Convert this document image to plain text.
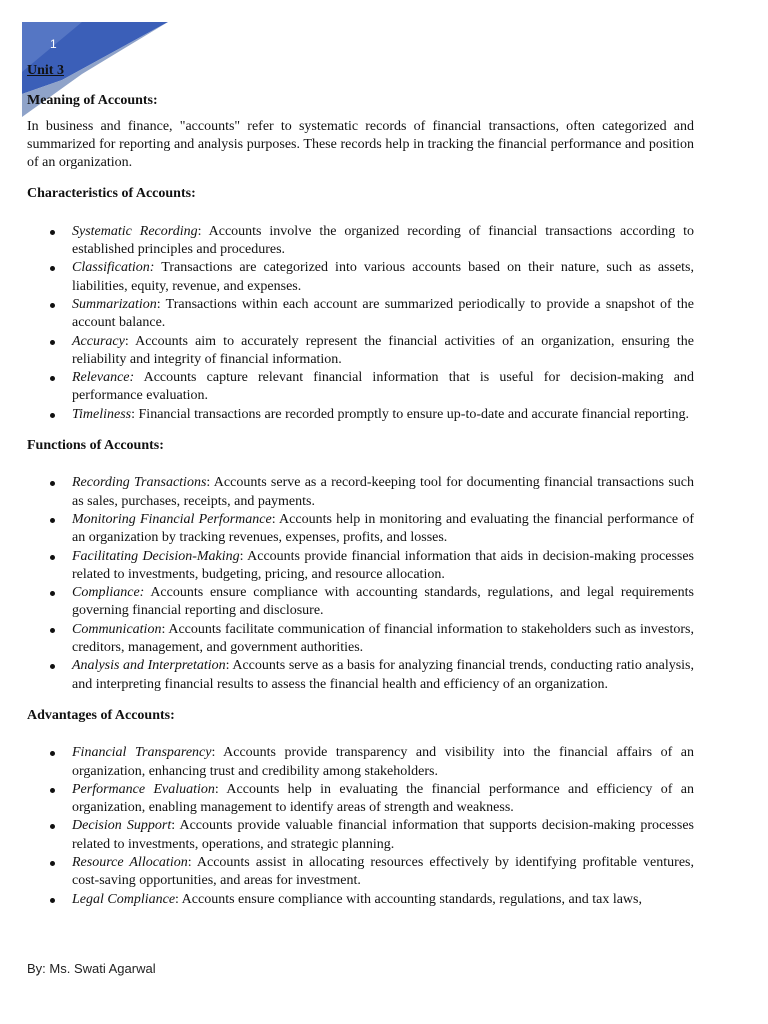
1
Unit 3
Meaning of Accounts:

In business and finance, "accounts" refer to systematic records of financial transactions, often categorized and summarized for reporting and analysis purposes. These records help in tracking the financial performance and position of an organization.

Characteristics of Accounts:
Systematic Recording: Accounts involve the organized recording of financial transactions according to established principles and procedures.
Classification: Transactions are categorized into various accounts based on their nature, such as assets, liabilities, equity, revenue, and expenses.
Summarization: Transactions within each account are summarized periodically to provide a snapshot of the account balance.
Accuracy: Accounts aim to accurately represent the financial activities of an organization, ensuring the reliability and integrity of financial information.
Relevance: Accounts capture relevant financial information that is useful for decision-making and performance evaluation.
Timeliness: Financial transactions are recorded promptly to ensure up-to-date and accurate financial reporting.
Functions of Accounts:
Recording Transactions: Accounts serve as a record-keeping tool for documenting financial transactions such as sales, purchases, receipts, and payments.
Monitoring Financial Performance: Accounts help in monitoring and evaluating the financial performance of an organization by tracking revenues, expenses, profits, and losses.
Facilitating Decision-Making: Accounts provide financial information that aids in decision-making processes related to investments, budgeting, pricing, and resource allocation.
Compliance: Accounts ensure compliance with accounting standards, regulations, and legal requirements governing financial reporting and disclosure.
Communication: Accounts facilitate communication of financial information to stakeholders such as investors, creditors, management, and government authorities.
Analysis and Interpretation: Accounts serve as a basis for analyzing financial trends, conducting ratio analysis, and interpreting financial results to assess the financial health and efficiency of an organization.
Advantages of Accounts:
Financial Transparency: Accounts provide transparency and visibility into the financial affairs of an organization, enhancing trust and credibility among stakeholders.
Performance Evaluation: Accounts help in evaluating the financial performance and efficiency of an organization, enabling management to identify areas of strength and weakness.
Decision Support: Accounts provide valuable financial information that supports decision-making processes related to investments, operations, and strategic planning.
Resource Allocation: Accounts assist in allocating resources effectively by identifying profitable ventures, cost-saving opportunities, and areas for investment.
Legal Compliance: Accounts ensure compliance with accounting standards, regulations, and tax laws,
By: Ms. Swati Agarwal
